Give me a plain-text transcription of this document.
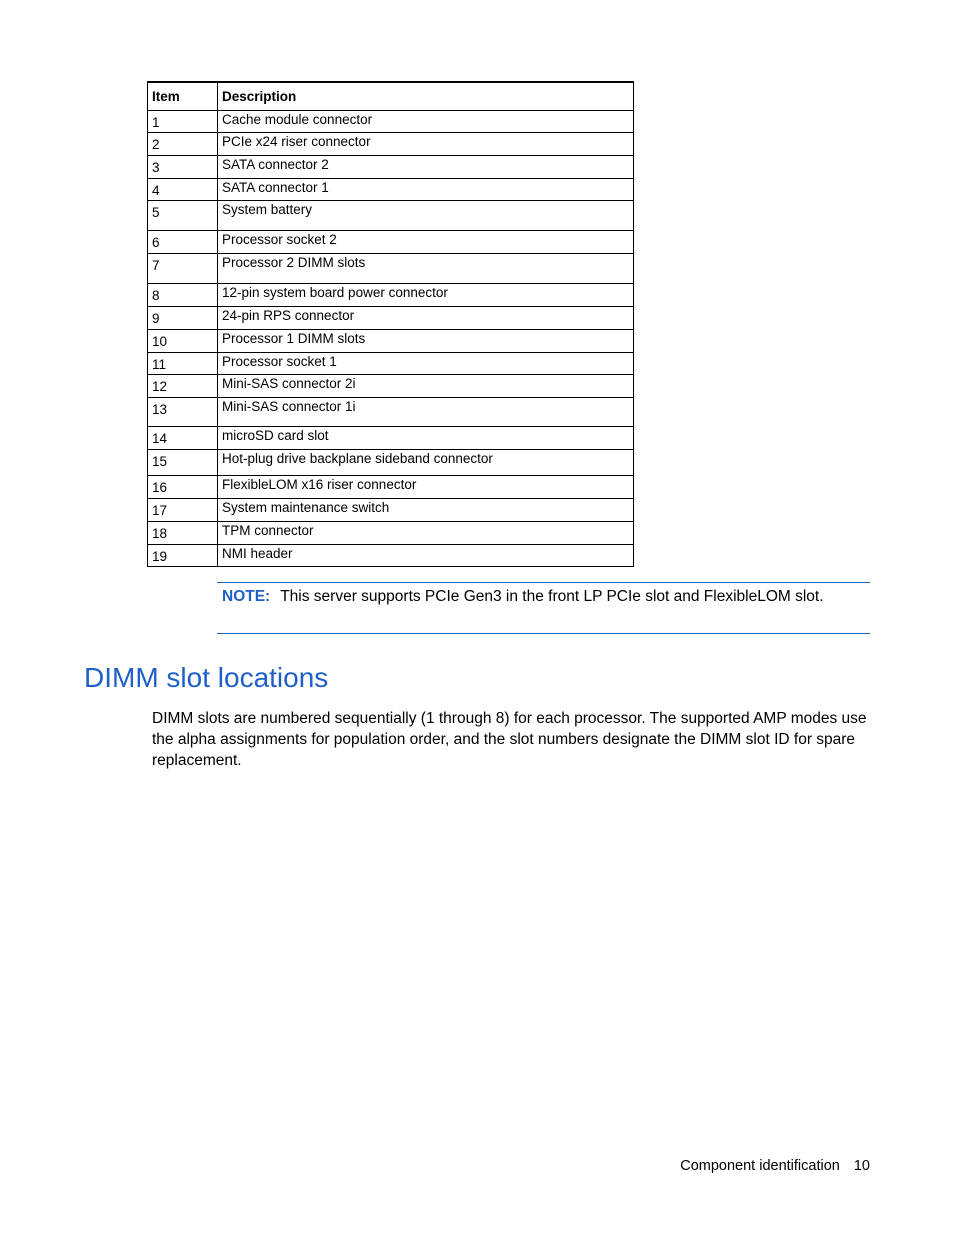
Item	Description
1	Cache module connector
2	PCIe x24 riser connector
3	SATA connector 2
4	SATA connector 1
5	System battery
6	Processor socket 2
7	Processor 2 DIMM slots
8	12-pin system board power connector
9	24-pin RPS connector
10	Processor 1 DIMM slots
11	Processor socket 1
12	Mini-SAS connector 2i
13	Mini-SAS connector 1i
14	microSD card slot
15	Hot-plug drive backplane sideband connector
16	FlexibleLOM x16 riser connector
17	System maintenance switch
18	TPM connector
19	NMI header
NOTE: This server supports PCIe Gen3 in the front LP PCIe slot and FlexibleLOM slot.
DIMM slot locations

DIMM slots are numbered sequentially (1 through 8) for each processor. The supported AMP modes use the alpha assignments for population order, and the slot numbers designate the DIMM slot ID for spare replacement.

Component identification 10
